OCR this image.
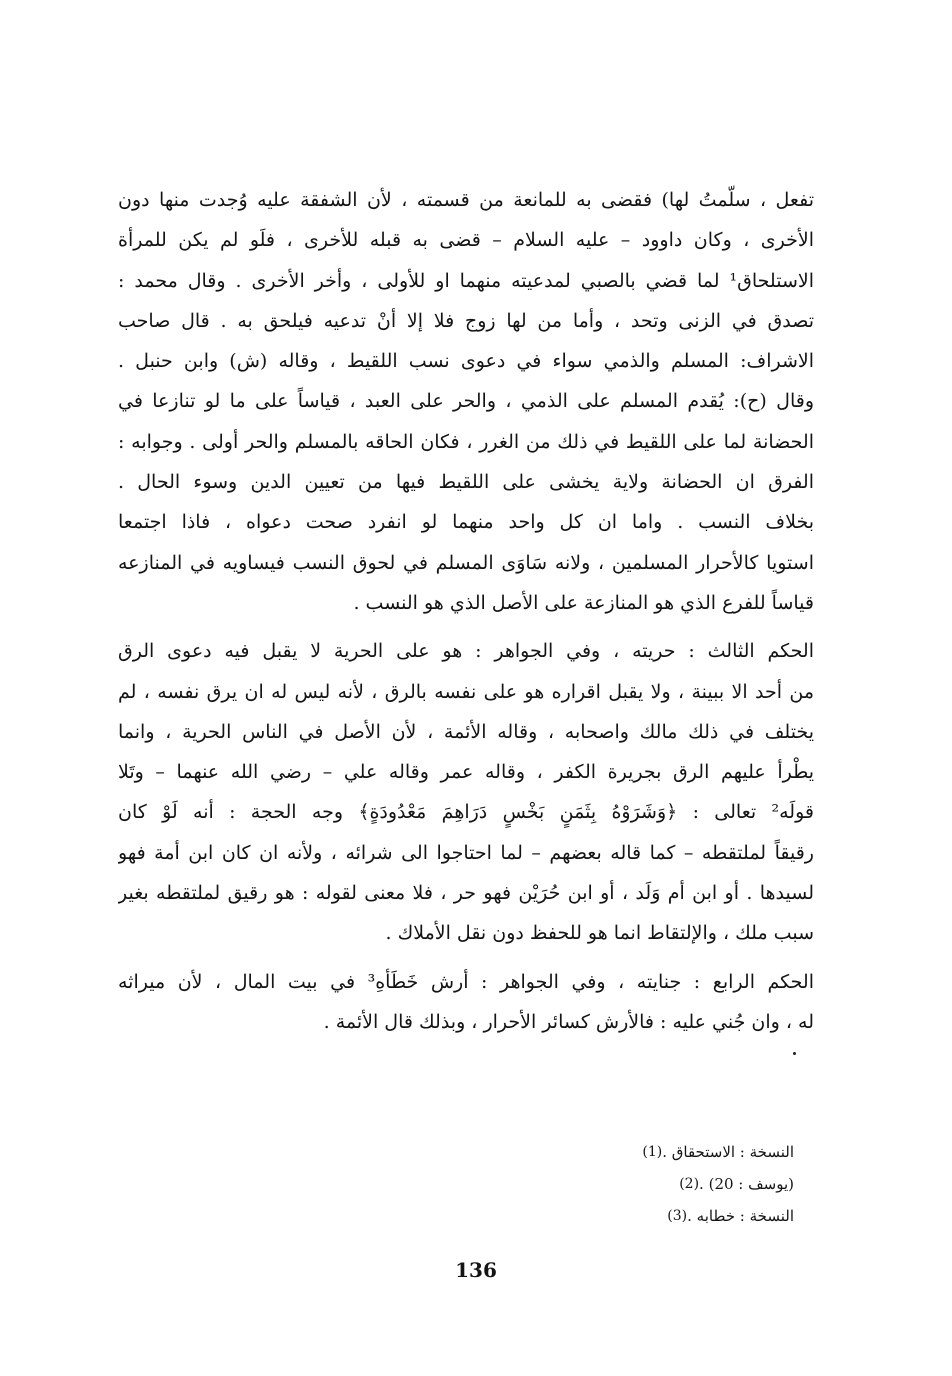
تفعل ، سلّمتُ لها) فقضى به للمانعة من قسمته ، لأن الشفقة عليه وُجدت منها دون
الأخرى ، وكان داوود – عليه السلام – قضى به قبله للأخرى ، فلَو لم يكن للمرأة
الاستلحاق¹ لما قضي بالصبي لمدعيته منهما او للأولى ، وأخر الأخرى . وقال محمد :
تصدق في الزنى وتحد ، وأما من لها زوج فلا إلا أنْ تدعيه فيلحق به . قال صاحب
الاشراف: المسلم والذمي سواء في دعوى نسب اللقيط ، وقاله (ش) وابن حنبل .
وقال (ح): يُقدم المسلم على الذمي ، والحر على العبد ، قياساً على ما لو تنازعا في
الحضانة لما على اللقيط في ذلك من الغرر ، فكان الحاقه بالمسلم والحر أولى . وجوابه :
الفرق ان الحضانة ولاية يخشى على اللقيط فيها من تعيين الدين وسوء الحال .
بخلاف النسب . واما ان كل واحد منهما لو انفرد صحت دعواه ، فاذا اجتمعا
استويا كالأحرار المسلمين ، ولانه سَاوَى المسلم في لحوق النسب فيساويه في المنازعه
قياساً للفرع الذي هو المنازعة على الأصل الذي هو النسب .
الحكم الثالث : حريته ، وفي الجواهر : هو على الحرية لا يقبل فيه دعوى الرق
من أحد الا ببينة ، ولا يقبل اقراره هو على نفسه بالرق ، لأنه ليس له ان يرق نفسه ، لم
يختلف في ذلك مالك واصحابه ، وقاله الأئمة ، لأن الأصل في الناس الحرية ، وانما
يطْرأ عليهم الرق بجريرة الكفر ، وقاله عمر وقاله علي – رضي الله عنهما – وتَلا
قولَه² تعالى : ﴿وَشَرَوْهُ بِثَمَنٍ بَخْسٍ دَرَاهِمَ مَعْدُودَةٍ﴾ وجه الحجة : أنه لَوْ كان
رقيقاً لملتقطه – كما قاله بعضهم – لما احتاجوا الى شرائه ، ولأنه ان كان ابن أمة فهو
لسيدها . أو ابن أم وَلَد ، أو ابن حُرَيْن فهو حر ، فلا معنى لقوله : هو رقيق لملتقطه بغير
سبب ملك ، والإلتقاط انما هو للحفظ دون نقل الأملاك .
الحكم الرابع : جنايته ، وفي الجواهر : أرش خَطَأهِ³ في بيت المال ، لأن ميراثه
له ، وان جُني عليه : فالأرش كسائر الأحرار ، وبذلك قال الأئمة .
النسخة : الاستحقاق .
(1)
(يوسف : 20) .
(2)
النسخة : خطابه .
(3)
136
